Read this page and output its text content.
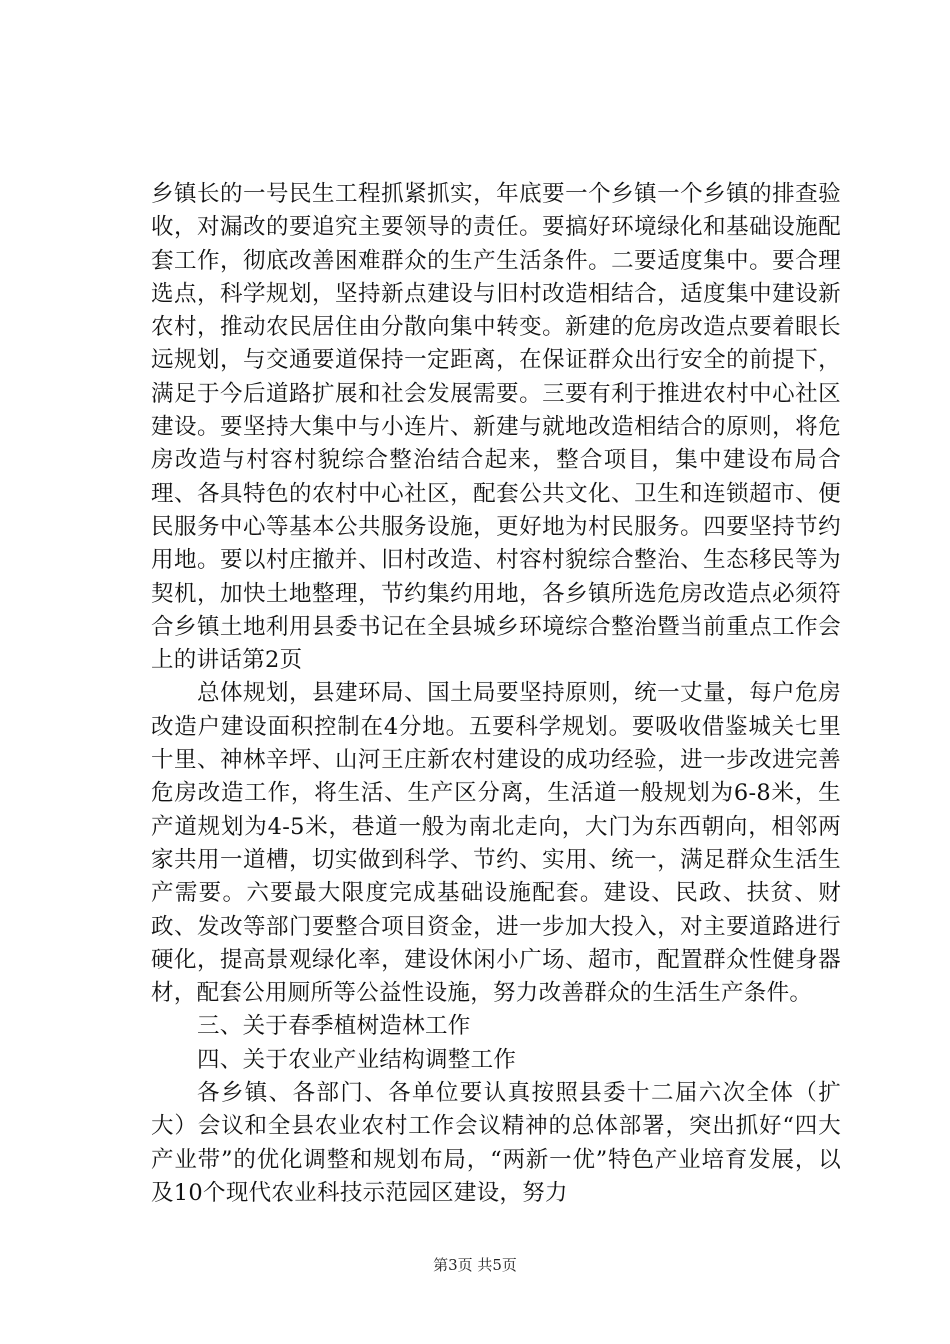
乡镇长的一号民生工程抓紧抓实，年底要一个乡镇一个乡镇的排查验收，对漏改的要追究主要领导的责任。要搞好环境绿化和基础设施配套工作，彻底改善困难群众的生产生活条件。二要适度集中。要合理选点，科学规划，坚持新点建设与旧村改造相结合，适度集中建设新农村，推动农民居住由分散向集中转变。新建的危房改造点要着眼长远规划，与交通要道保持一定距离，在保证群众出行安全的前提下，满足于今后道路扩展和社会发展需要。三要有利于推进农村中心社区建设。要坚持大集中与小连片、新建与就地改造相结合的原则，将危房改造与村容村貌综合整治结合起来，整合项目，集中建设布局合理、各具特色的农村中心社区，配套公共文化、卫生和连锁超市、便民服务中心等基本公共服务设施，更好地为村民服务。四要坚持节约用地。要以村庄撤并、旧村改造、村容村貌综合整治、生态移民等为契机，加快土地整理，节约集约用地，各乡镇所选危房改造点必须符合乡镇土地利用县委书记在全县城乡环境综合整治暨当前重点工作会上的讲话第2页

总体规划，县建环局、国土局要坚持原则，统一丈量，每户危房改造户建设面积控制在4分地。五要科学规划。要吸收借鉴城关七里十里、神林辛坪、山河王庄新农村建设的成功经验，进一步改进完善危房改造工作，将生活、生产区分离，生活道一般规划为6-8米，生产道规划为4-5米，巷道一般为南北走向，大门为东西朝向，相邻两家共用一道槽，切实做到科学、节约、实用、统一，满足群众生活生产需要。六要最大限度完成基础设施配套。建设、民政、扶贫、财政、发改等部门要整合项目资金，进一步加大投入，对主要道路进行硬化，提高景观绿化率，建设休闲小广场、超市，配置群众性健身器材，配套公用厕所等公益性设施，努力改善群众的生活生产条件。

三、关于春季植树造林工作

四、关于农业产业结构调整工作

各乡镇、各部门、各单位要认真按照县委十二届六次全体（扩大）会议和全县农业农村工作会议精神的总体部署，突出抓好“四大产业带”的优化调整和规划布局，“两新一优”特色产业培育发展，以及10个现代农业科技示范园区建设，努力

第3页 共5页
